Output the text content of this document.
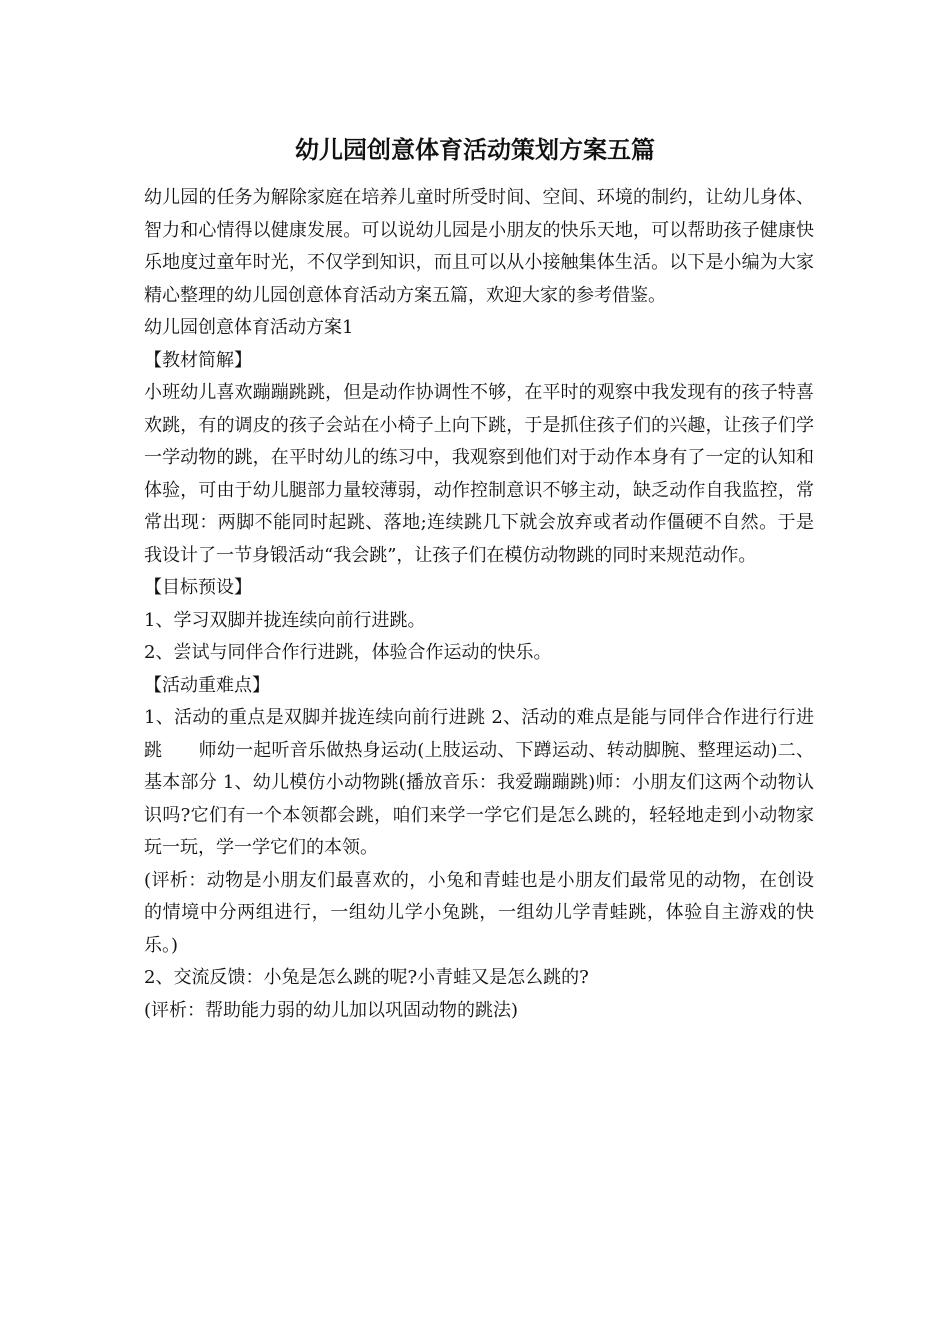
幼儿园创意体育活动策划方案五篇

幼儿园的任务为解除家庭在培养儿童时所受时间、空间、环境的制约，让幼儿身体、智力和心情得以健康发展。可以说幼儿园是小朋友的快乐天地，可以帮助孩子健康快乐地度过童年时光，不仅学到知识，而且可以从小接触集体生活。以下是小编为大家精心整理的幼儿园创意体育活动方案五篇，欢迎大家的参考借鉴。

幼儿园创意体育活动方案1

【教材简解】

小班幼儿喜欢蹦蹦跳跳，但是动作协调性不够，在平时的观察中我发现有的孩子特喜欢跳，有的调皮的孩子会站在小椅子上向下跳，于是抓住孩子们的兴趣，让孩子们学一学动物的跳，在平时幼儿的练习中，我观察到他们对于动作本身有了一定的认知和体验，可由于幼儿腿部力量较薄弱，动作控制意识不够主动，缺乏动作自我监控，常常出现：两脚不能同时起跳、落地;连续跳几下就会放弃或者动作僵硬不自然。于是我设计了一节身锻活动“我会跳”，让孩子们在模仿动物跳的同时来规范动作。

【目标预设】

1、学习双脚并拢连续向前行进跳。

2、尝试与同伴合作行进跳，体验合作运动的快乐。

【活动重难点】

1、活动的重点是双脚并拢连续向前行进跳 2、活动的难点是能与同伴合作进行行进跳　　师幼一起听音乐做热身运动(上肢运动、下蹲运动、转动脚腕、整理运动)二、基本部分 1、幼儿模仿小动物跳(播放音乐：我爱蹦蹦跳)师：小朋友们这两个动物认识吗?它们有一个本领都会跳，咱们来学一学它们是怎么跳的，轻轻地走到小动物家玩一玩，学一学它们的本领。

(评析：动物是小朋友们最喜欢的，小兔和青蛙也是小朋友们最常见的动物，在创设的情境中分两组进行，一组幼儿学小兔跳，一组幼儿学青蛙跳，体验自主游戏的快乐。)

2、交流反馈：小兔是怎么跳的呢?小青蛙又是怎么跳的?

(评析：帮助能力弱的幼儿加以巩固动物的跳法)
